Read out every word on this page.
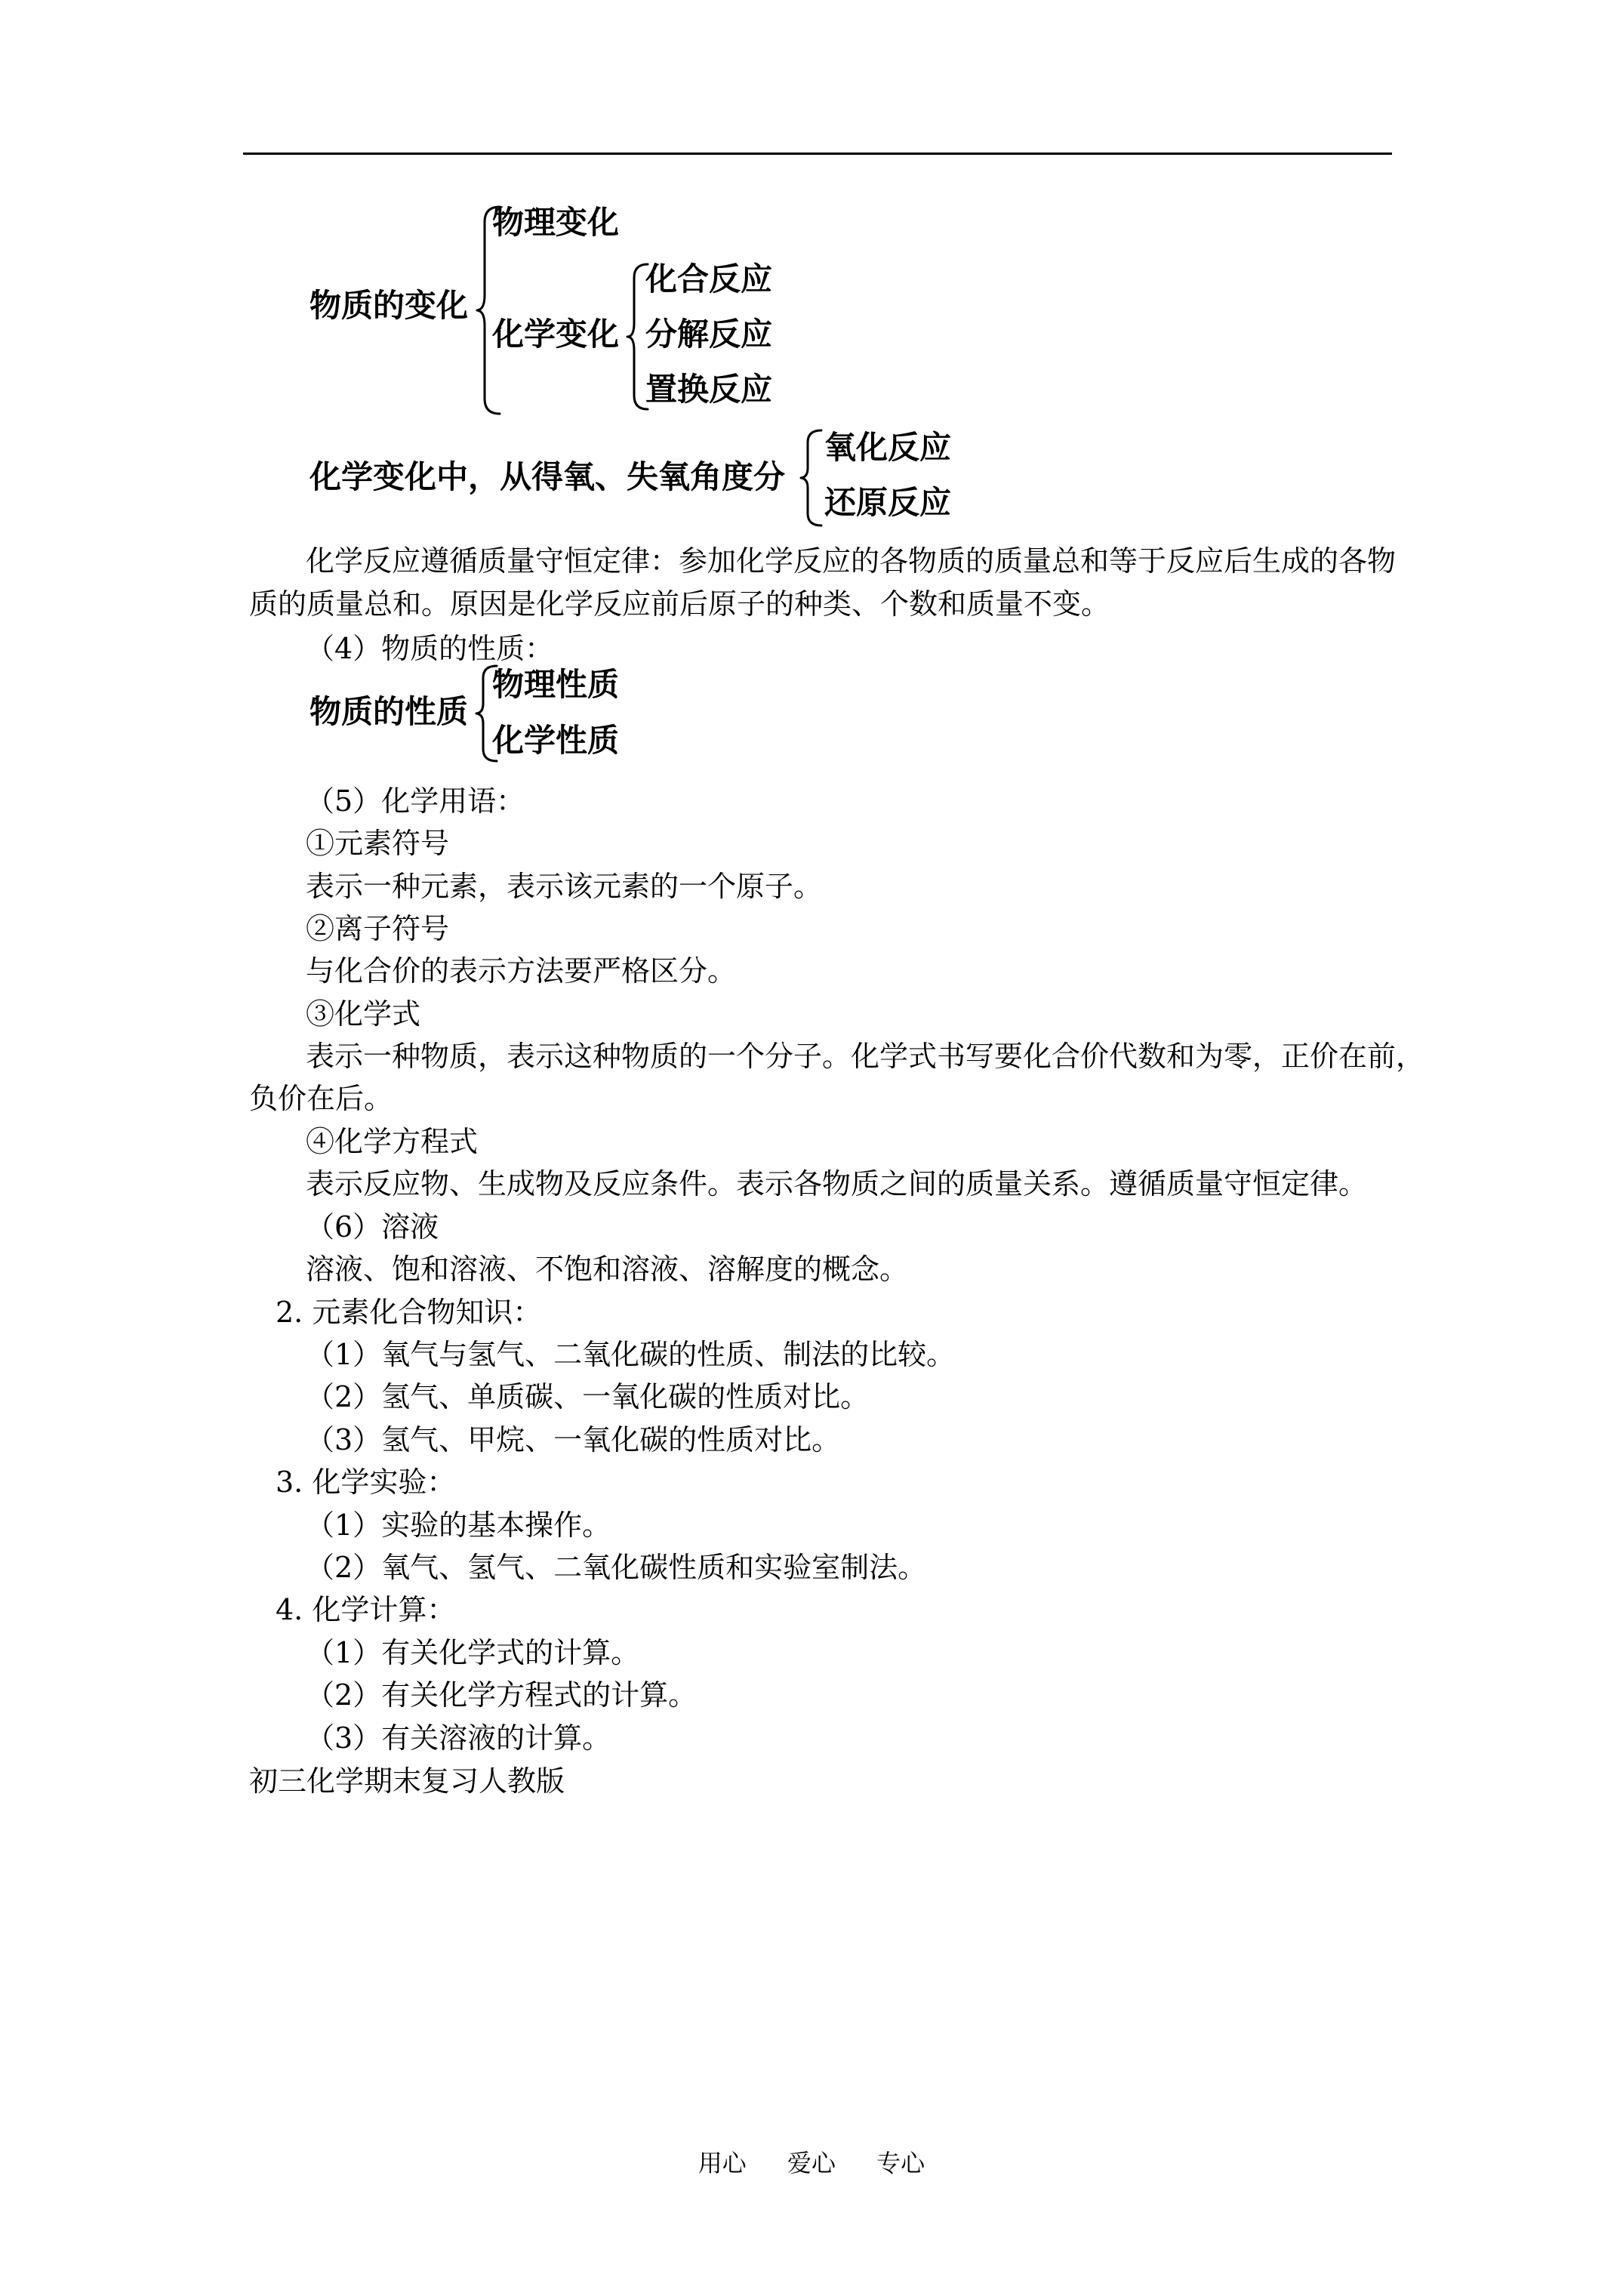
物质的变化
物理变化
化学变化
化合反应
分解反应
置换反应
化学变化中，从得氧、失氧角度分
氧化反应
还原反应
化学反应遵循质量守恒定律：参加化学反应的各物质的质量总和等于反应后生成的各物
质的质量总和。原因是化学反应前后原子的种类、个数和质量不变。
（4）物质的性质：
物质的性质
物理性质
化学性质
（5）化学用语：
①元素符号
表示一种元素，表示该元素的一个原子。
②离子符号
与化合价的表示方法要严格区分。
③化学式
表示一种物质，表示这种物质的一个分子。化学式书写要化合价代数和为零，正价在前，
负价在后。
④化学方程式
表示反应物、生成物及反应条件。表示各物质之间的质量关系。遵循质量守恒定律。
（6）溶液
溶液、饱和溶液、不饱和溶液、溶解度的概念。
2. 元素化合物知识：
（1）氧气与氢气、二氧化碳的性质、制法的比较。
（2）氢气、单质碳、一氧化碳的性质对比。
（3）氢气、甲烷、一氧化碳的性质对比。
3. 化学实验：
（1）实验的基本操作。
（2）氧气、氢气、二氧化碳性质和实验室制法。
4. 化学计算：
（1）有关化学式的计算。
（2）有关化学方程式的计算。
（3）有关溶液的计算。
初三化学期末复习人教版
用心 爱心 专心
